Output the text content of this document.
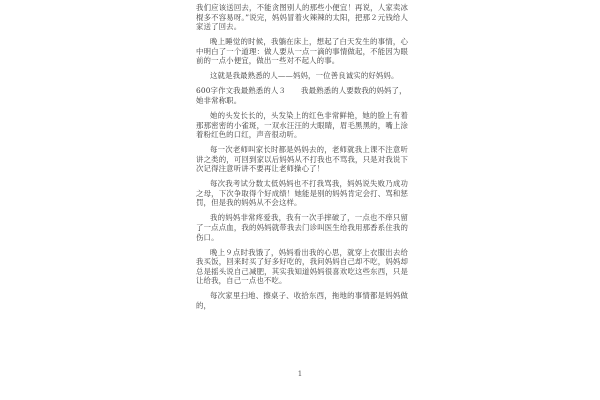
我们应该送回去，不能贪图别人的那些小便宜！再说，人家卖冰棍多不容易呀。”说完，妈妈冒着火辣辣的太阳，把那２元钱给人家送了回去。

晚上睡觉的时候，我躺在床上，想起了白天发生的事情，心中明白了一个道理：做人要从一点一滴的事情做起，不能因为眼前的一点小便宜，做出一些对不起人的事。

这就是我最熟悉的人——妈妈，一位善良诚实的好妈妈。

600字作文我最熟悉的人３　　我最熟悉的人要数我的妈妈了，她非常称职。

她的头发长长的，头发染上的红色非常鲜艳，她的脸上有着那那密密的小雀斑，一双水汪汪的大眼睛，眉毛黑黑的，嘴上涂着粉红色的口红，声音很动听。

每一次老师叫家长时都是妈妈去的，老师就我上课不注意听讲之类的，可回到家以后妈妈从不打我也不骂我，只是对我说下次记得注意听讲不要再让老师操心了！

每次我考试分数太低妈妈也不打我骂我，妈妈说失败乃成功之母，下次争取得个好成绩！她能是别的妈妈肯定会打、骂和惩罚，但是我的妈妈从不会这样。

我的妈妈非常疼爱我，我有一次手摔破了，一点也不痒只留了一点点血，我的妈妈就带我去门诊叫医生给我用那香系住我的伤口。

晚上９点时我饿了，妈妈看出我的心思，就穿上衣服出去给我买饭，回来时买了好多好吃的，我问妈妈自己却不吃，妈妈却总是摇头说自己减肥，其实我知道妈妈很喜欢吃这些东西，只是让给我，自己一点也不吃。

每次家里扫地、擦桌子、收拾东西，拖地的事情都是妈妈做的，

1
